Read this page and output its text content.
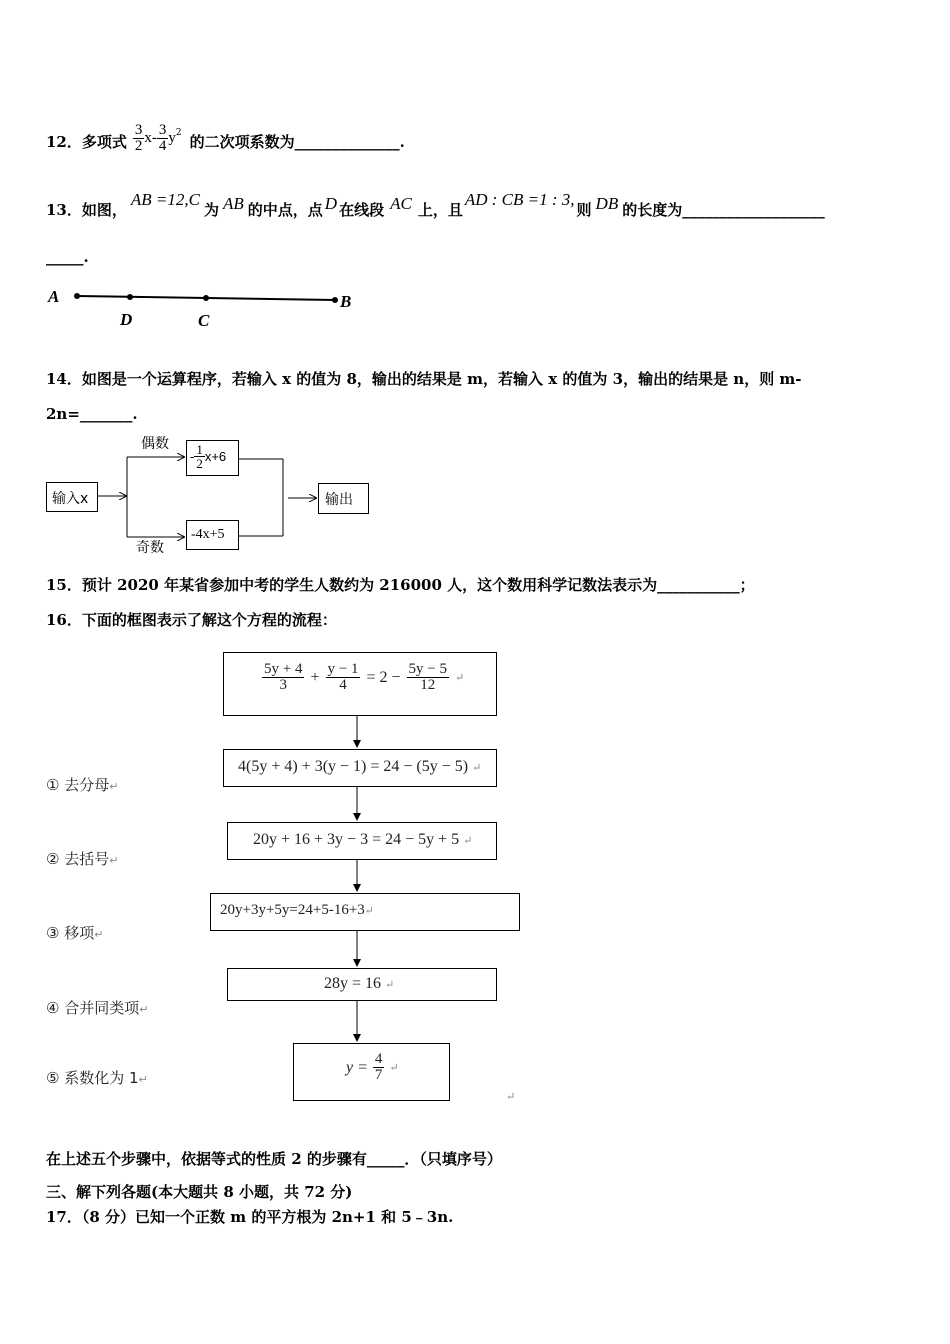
12． 多项式 $\frac{3}{2} x- \frac{3}{4} y^2$
的二次项系数为______________.
13． 如图，
AB =12,C
为 AB 的中点，点 D 在线段 AC 上，且
AD : CB =1 : 3,
则 DB 的长度为___________________
_____.
A
D	C
B
14．如图是一个运算程序，若输入 x 的值为 8，输出的结果是 m，若输入 x 的值为 3，输出的结果是 n，则 m-
2n=_______.
输入x
偶数
奇数
- $\frac{1}{2} x+6$
-4x+5
输出
15．预计 2020 年某省参加中考的学生人数约为 216000 人，这个数用科学记数法表示为___________；
16．下面的框图表示了解这个方程的流程：
$\frac{5y + 4}{3} + \frac{y - 1}{4} = 2 - \frac{5y - 5}{12}$ ↵
4(5y + 4) + 3(y − 1) = 24 − (5y − 5) ↵
20y + 16 + 3y − 3 = 24 − 5y + 5 ↵
20y+3y+5y=24+5-16+3↵
28y = 16 ↵
$y = \frac{4}{7}$ ↵
① 去分母↵
② 去括号↵
③ 移项↵
④ 合并同类项↵
⑤ 系数化为 1↵
↵
在上述五个步骤中，依据等式的性质 2 的步骤有_____．（只填序号）
三、解下列各题(本大题共 8 小题，共 72 分)
17．（8 分）已知一个正数 m 的平方根为 2n+1 和 5﹣3n.
